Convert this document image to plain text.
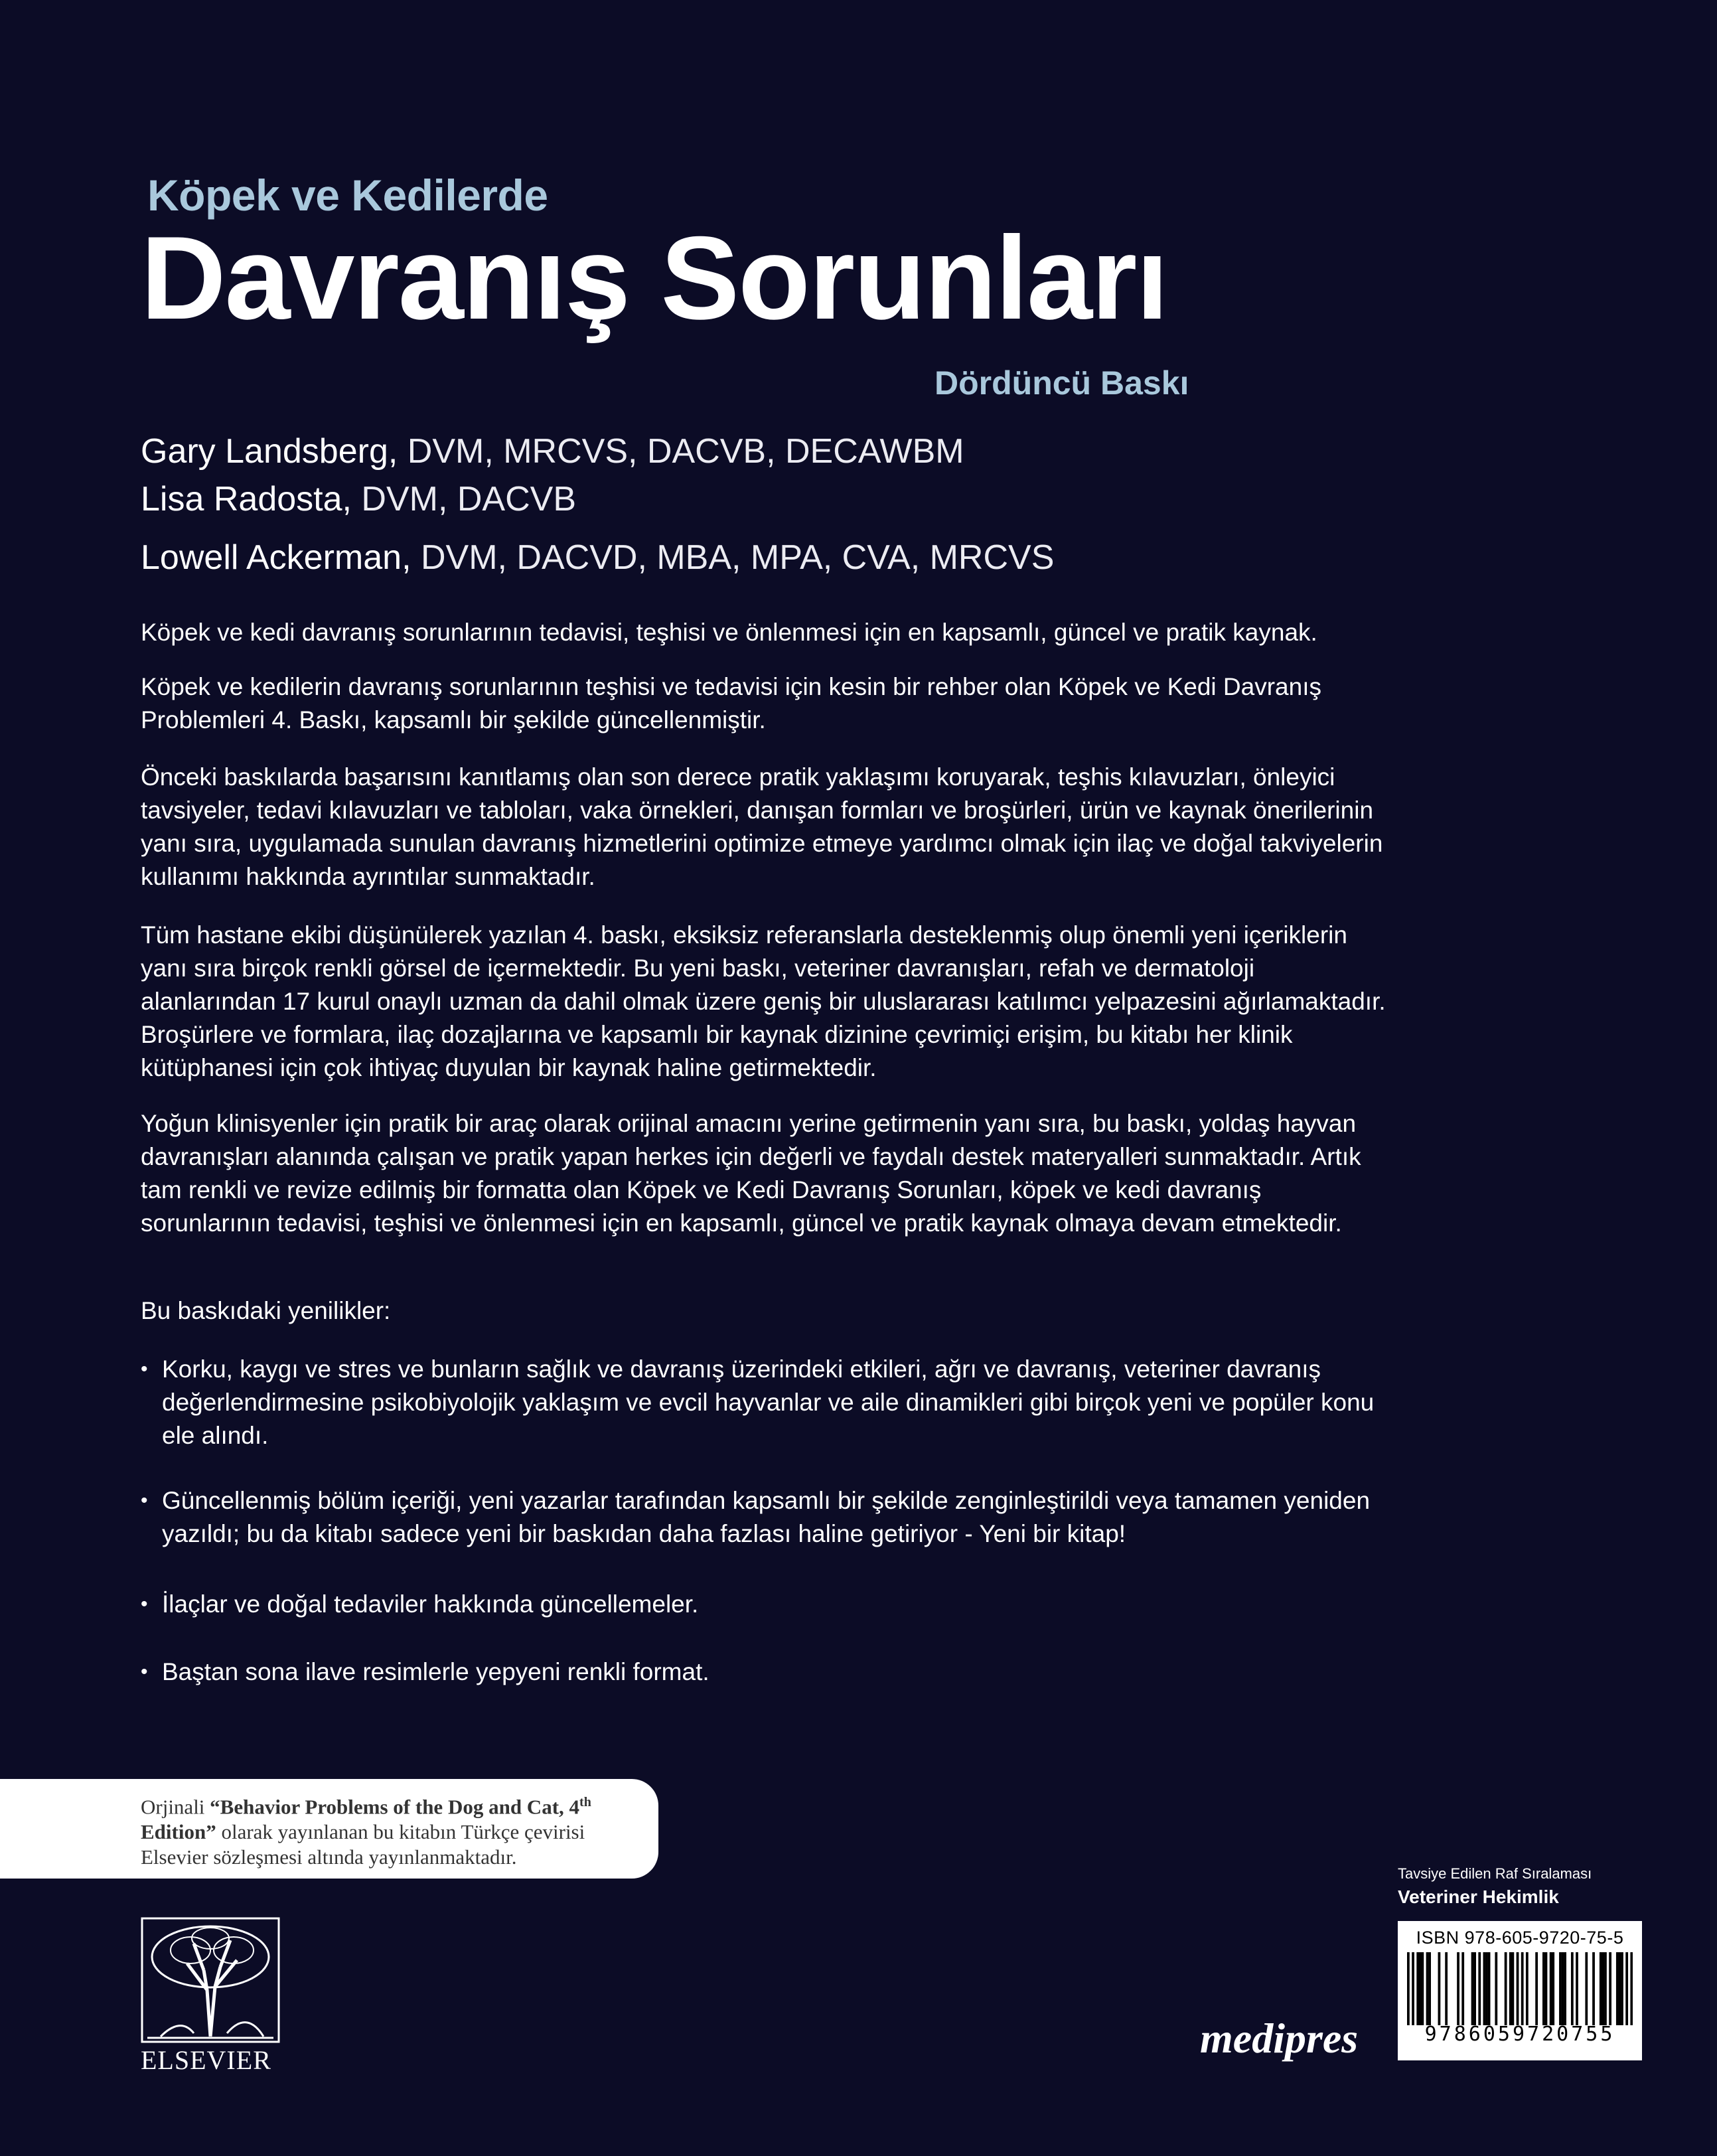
Köpek ve Kedilerde
Davranış Sorunları
Dördüncü Baskı
Gary Landsberg, DVM, MRCVS, DACVB, DECAWBM
Lisa Radosta, DVM, DACVB
Lowell Ackerman, DVM, DACVD, MBA, MPA, CVA, MRCVS

Köpek ve kedi davranış sorunlarının tedavisi, teşhisi ve önlenmesi için en kapsamlı, güncel ve pratik kaynak.

Köpek ve kedilerin davranış sorunlarının teşhisi ve tedavisi için kesin bir rehber olan Köpek ve Kedi Davranış Problemleri 4. Baskı, kapsamlı bir şekilde güncellenmiştir.

Önceki baskılarda başarısını kanıtlamış olan son derece pratik yaklaşımı koruyarak, teşhis kılavuzları, önleyici tavsiyeler, tedavi kılavuzları ve tabloları, vaka örnekleri, danışan formları ve broşürleri, ürün ve kaynak önerilerinin yanı sıra, uygulamada sunulan davranış hizmetlerini optimize etmeye yardımcı olmak için ilaç ve doğal takviyelerin kullanımı hakkında ayrıntılar sunmaktadır.

Tüm hastane ekibi düşünülerek yazılan 4. baskı, eksiksiz referanslarla desteklenmiş olup önemli yeni içeriklerin yanı sıra birçok renkli görsel de içermektedir. Bu yeni baskı, veteriner davranışları, refah ve dermatoloji alanlarından 17 kurul onaylı uzman da dahil olmak üzere geniş bir uluslararası katılımcı yelpazesini ağırlamaktadır. Broşürlere ve formlara, ilaç dozajlarına ve kapsamlı bir kaynak dizinine çevrimiçi erişim, bu kitabı her klinik kütüphanesi için çok ihtiyaç duyulan bir kaynak haline getirmektedir.

Yoğun klinisyenler için pratik bir araç olarak orijinal amacını yerine getirmenin yanı sıra, bu baskı, yoldaş hayvan davranışları alanında çalışan ve pratik yapan herkes için değerli ve faydalı destek materyalleri sunmaktadır. Artık tam renkli ve revize edilmiş bir formatta olan Köpek ve Kedi Davranış Sorunları, köpek ve kedi davranış sorunlarının tedavisi, teşhisi ve önlenmesi için en kapsamlı, güncel ve pratik kaynak olmaya devam etmektedir.

Bu baskıdaki yenilikler:

• Korku, kaygı ve stres ve bunların sağlık ve davranış üzerindeki etkileri, ağrı ve davranış, veteriner davranış değerlendirmesine psikobiyolojik yaklaşım ve evcil hayvanlar ve aile dinamikleri gibi birçok yeni ve popüler konu ele alındı.
• Güncellenmiş bölüm içeriği, yeni yazarlar tarafından kapsamlı bir şekilde zenginleştirildi veya tamamen yeniden yazıldı; bu da kitabı sadece yeni bir baskıdan daha fazlası haline getiriyor - Yeni bir kitap!
• İlaçlar ve doğal tedaviler hakkında güncellemeler.
• Baştan sona ilave resimlerle yepyeni renkli format.
Orjinali “Behavior Problems of the Dog and Cat, 4th Edition” olarak yayınlanan bu kitabın Türkçe çevirisi Elsevier sözleşmesi altında yayınlanmaktadır.
ELSEVIER	medipres
Tavsiye Edilen Raf Sıralaması
Veteriner Hekimlik
ISBN 978-605-9720-75-5
9786059720755
